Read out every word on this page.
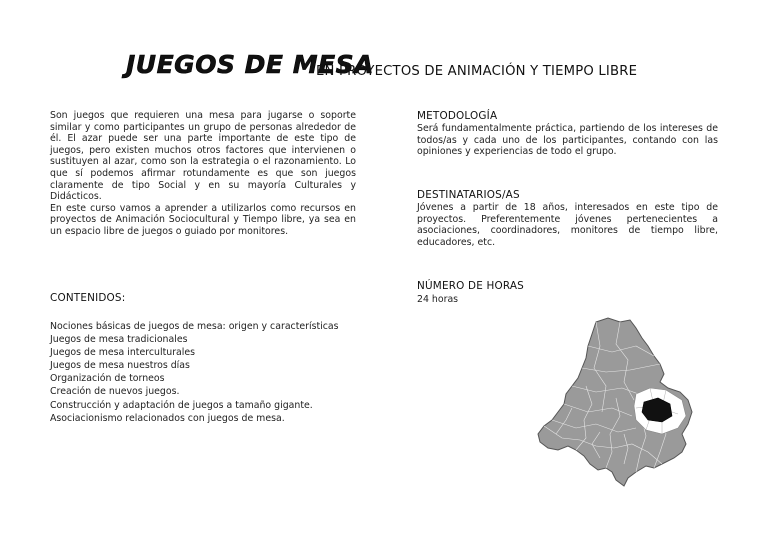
JUEGOS DE MESA
EN PROYECTOS DE ANIMACIÓN Y TIEMPO LIBRE

Son juegos que requieren una mesa para jugarse o soporte similar y como participantes un grupo de personas alrededor de él. El azar puede ser una parte importante de este tipo de juegos, pero existen muchos otros factores que intervienen o sustituyen al azar, como son la estrategia o el razonamiento. Lo que sí podemos afirmar rotundamente es que son juegos claramente de tipo Social y en su mayoría Culturales y Didácticos.

En este curso vamos a aprender a utilizarlos como recursos en proyectos de Animación Sociocultural y Tiempo libre, ya sea en un espacio libre de juegos o guiado por monitores.

CONTENIDOS:
Nociones básicas de juegos de mesa: origen y características
Juegos de mesa tradicionales
Juegos de mesa interculturales
Juegos de mesa nuestros días
Organización de torneos
Creación de nuevos juegos.
Construcción y adaptación de juegos a tamaño gigante.
Asociacionismo relacionados con juegos de mesa.
METODOLOGÍA
Será fundamentalmente práctica, partiendo de los intereses de todos/as y cada uno de los participantes, contando con las opiniones y experiencias de todo el grupo.
DESTINATARIOS/AS
Jóvenes a partir de 18 años, interesados en este tipo de proyectos. Preferentemente jóvenes pertenecientes a asociaciones, coordinadores, monitores de tiempo libre, educadores, etc.
NÚMERO DE HORAS
24 horas
